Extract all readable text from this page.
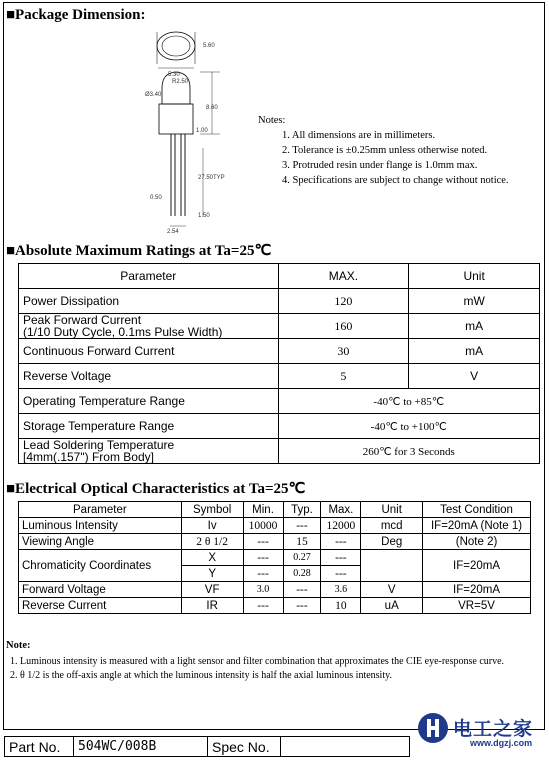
■Package Dimension:
5.60
5.30
R2.50
Ø3.40
8.60
1.00
27.50TYP
0.50
1.50
2.54
Notes:
1. All dimensions are in millimeters.
2. Tolerance is ±0.25mm unless otherwise noted.
3. Protruded resin under flange is 1.0mm max.
4. Specifications are subject to change without notice.
■Absolute Maximum Ratings at Ta=25℃
Parameter	MAX.	Unit
Power Dissipation	120	mW

Peak Forward Current
(1/10 Duty Cycle, 0.1ms Pulse Width)	160	mA
Continuous Forward Current	30	mA
Reverse Voltage	5	V
Operating Temperature Range	-40℃ to +85℃	
Storage Temperature Range	-40℃ to +100℃	

Lead Soldering Temperature
[4mm(.157") From Body]	260℃ for 3 Seconds	
■Electrical Optical Characteristics at Ta=25℃
Parameter	Symbol	Min.	Typ.	Max.	Unit	Test Condition
Luminous Intensity	Iv	10000	---	12000	mcd	IF=20mA (Note 1)
Viewing Angle	2 θ 1/2	---	15	---	Deg	(Note 2)
Chromaticity Coordinates	X	---	0.27	---		IF=20mA
	Y	---	0.28	---		
Forward Voltage	VF	3.0	---	3.6	V	IF=20mA
Reverse Current	IR	---	---	10	uA	VR=5V
Note:
1. Luminous intensity is measured with a light sensor and filter combination that approximates the CIE eye-response curve.
2. θ 1/2 is the off-axis angle at which the luminous intensity is half the axial luminous intensity.
电工之家
www.dgzj.com
Part No.	504WC/008B	Spec No.	
